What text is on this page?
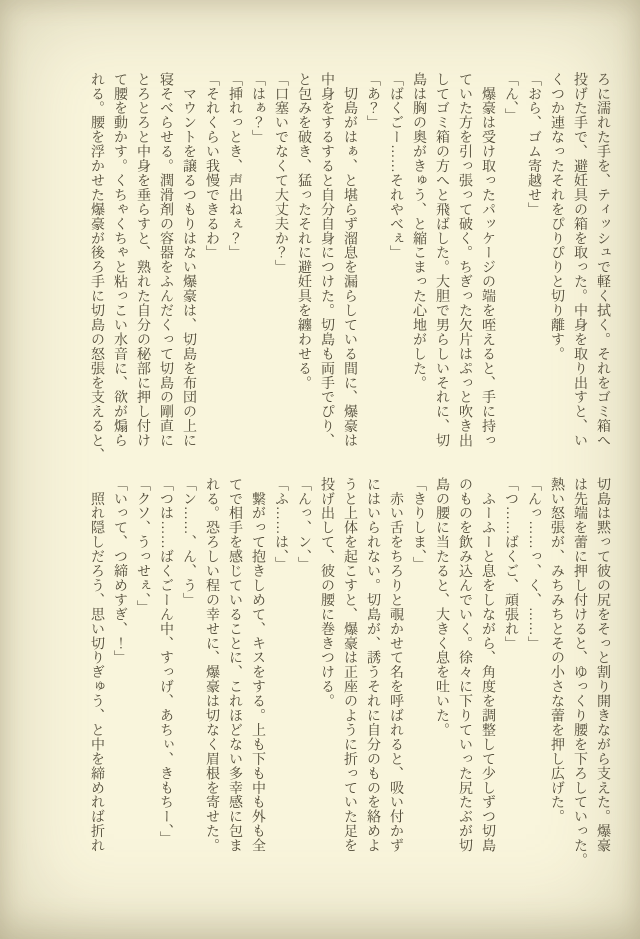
ろに濡れた手を、ティッシュで軽く拭く。それをゴミ箱へ

投げた手で、避妊具の箱を取った。中身を取り出すと、い

くつか連なったそれをぴりぴりと切り離す。

「おら、ゴム寄越せ」

「ん、」

　爆豪は受け取ったパッケージの端を咥えると、手に持っ

ていた方を引っ張って破く。ちぎった欠片はぷっと吹き出

してゴミ箱の方へと飛ばした。大胆で男らしいそれに、切

島は胸の奥がきゅう、と縮こまった心地がした。

「ばくごー……それやべぇ」

「あ？」

　切島がはぁ、と堪らず溜息を漏らしている間に、爆豪は

中身をするすると自分自身につけた。切島も両手でぴり、

と包みを破き、猛ったそれに避妊具を纏わせる。

「口塞いでなくて大丈夫か？」

「はぁ？」

「挿れっとき、声出ねぇ？」

「それくらい我慢できるわ」

　マウントを譲るつもりはない爆豪は、切島を布団の上に

寝そべらせる。潤滑剤の容器をふんだくって切島の剛直に

とろとろと中身を垂らすと、熟れた自分の秘部に押し付け

て腰を動かす。くちゃくちゃと粘っこい水音に、欲が煽ら

れる。腰を浮かせた爆豪が後ろ手に切島の怒張を支えると、

切島は黙って彼の尻をそっと割り開きながら支えた。爆豪

は先端を蕾に押し付けると、ゆっくり腰を下ろしていった。

熱い怒張が、みちみちとその小さな蕾を押し広げた。

「んっ……っ、く、……」

「つ……ばくご、頑張れ」

　ふーふーと息をしながら、角度を調整して少しずつ切島

のものを飲み込んでいく。徐々に下りていった尻たぶが切

島の腰に当たると、大きく息を吐いた。

「きりしま、」

　赤い舌をちろりと覗かせて名を呼ばれると、吸い付かず

にはいられない。切島が、誘うそれに自分のものを絡めよ

うと上体を起こすと、爆豪は正座のように折っていた足を

投げ出して、彼の腰に巻きつける。

「んっ、ン、」

「ふ……は、」

　繋がって抱きしめて、キスをする。上も下も中も外も全

てで相手を感じていることに、これほどない多幸感に包ま

れる。恐ろしい程の幸せに、爆豪は切なく眉根を寄せた。

「ン……、ん、う」

「つは……ばくごーん中、すっげ、あちぃ、きもちー、」

「クソ、うっせぇ、」

「いって、つ締めすぎ、！」

　照れ隠しだろう、思い切りぎゅう、と中を締めれば折れ
